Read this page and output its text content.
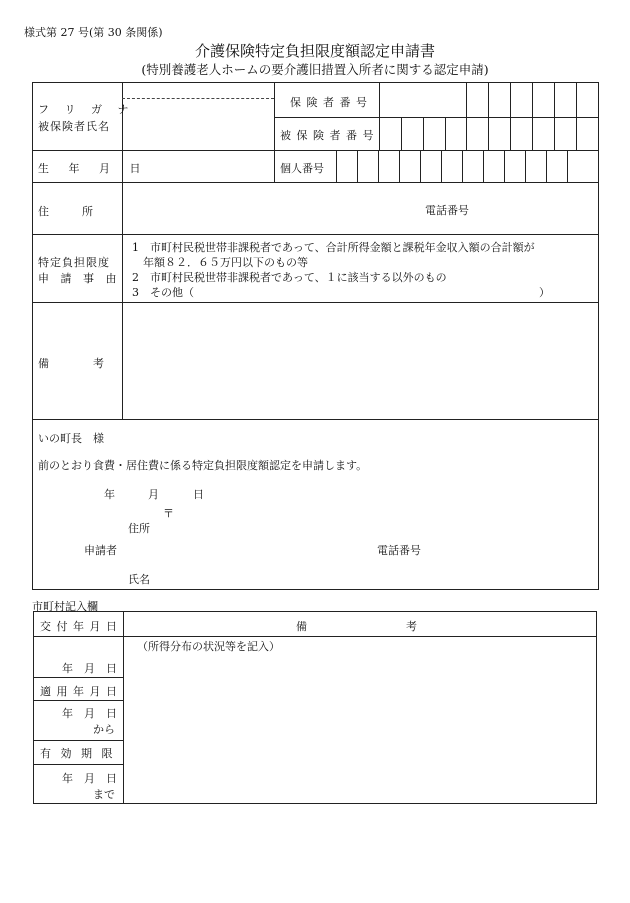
様式第 27 号(第 30 条関係)
介護保険特定負担限度額認定申請書
(特別養護老人ホームの要介護旧措置入所者に関する認定申請)
フ リ ガ ナ
被保険者氏名
保 険 者 番 号
被 保 険 者 番 号
生 年 月 日	個人番号
住　　　所	電話番号
特定負担限度
申 請 事 由
1　市町村民税世帯非課税者であって、合計所得金額と課税年金収入額の合計額が
　年額８２．６５万円以下のもの等
2　市町村民税世帯非課税者であって、１に該当する以外のもの
3　その他（	）
備　　　　考
いの町長　様
前のとおり食費・居住費に係る特定負担限度額認定を申請します。
年	月	日
〒
住所
申請者	電話番号
氏名
市町村記入欄
交 付 年 月 日	備　　　　　　　　　考
（所得分布の状況等を記入）
年　月　日
適 用 年 月 日
年　月　日
から
有 効 期 限
年　月　日
まで
